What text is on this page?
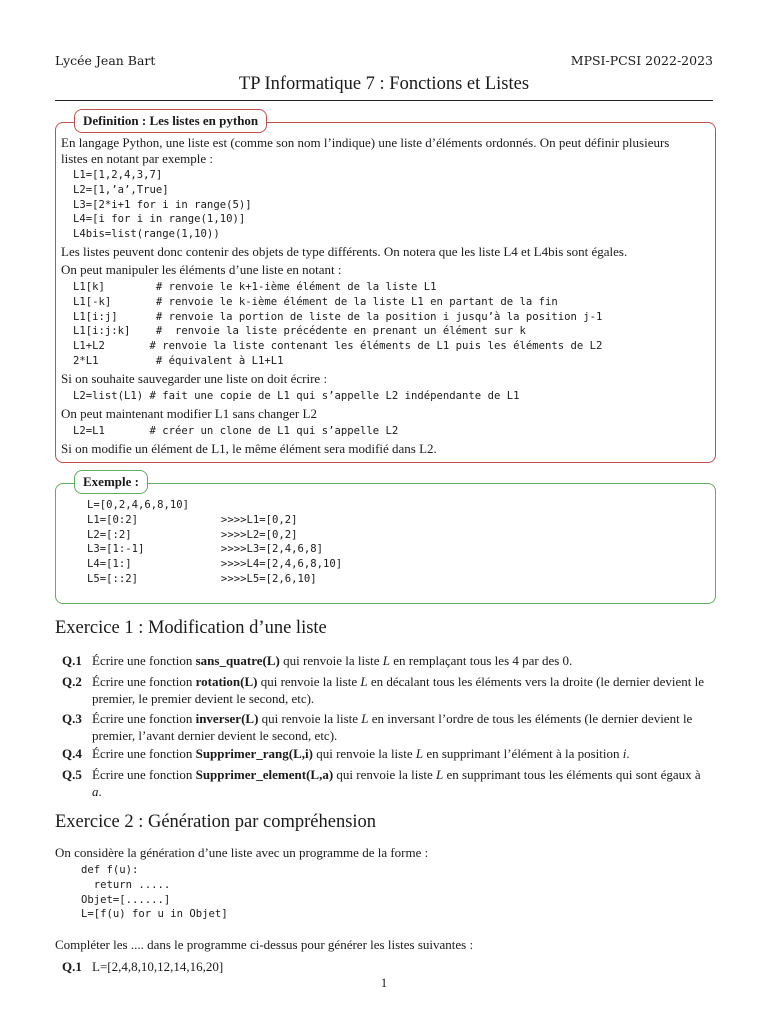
Lycée Jean Bart	MPSI-PCSI 2022-2023
TP Informatique 7 : Fonctions et Listes
Definition : Les listes en python
En langage Python, une liste est (comme son nom l’indique) une liste d’éléments ordonnés. On peut définir plusieurs
listes en notant par exemple :
L1=[1,2,4,3,7]
L2=[1,’a’,True]
L3=[2*i+1 for i in range(5)]
L4=[i for i in range(1,10)]
L4bis=list(range(1,10))
Les listes peuvent donc contenir des objets de type différents. On notera que les liste L4 et L4bis sont égales.
On peut manipuler les éléments d’une liste en notant :
L1[k]        # renvoie le k+1-ième élément de la liste L1
L1[-k]       # renvoie le k-ième élément de la liste L1 en partant de la fin
L1[i:j]      # renvoie la portion de liste de la position i jusqu’à la position j-1
L1[i:j:k]    #  renvoie la liste précédente en prenant un élément sur k
L1+L2       # renvoie la liste contenant les éléments de L1 puis les éléments de L2
2*L1         # équivalent à L1+L1
Si on souhaite sauvegarder une liste on doit écrire :
L2=list(L1) # fait une copie de L1 qui s’appelle L2 indépendante de L1
On peut maintenant modifier L1 sans changer L2
L2=L1       # créer un clone de L1 qui s’appelle L2
Si on modifie un élément de L1, le même élément sera modifié dans L2.
Exemple :
L=[0,2,4,6,8,10]
L1=[0:2]             >>>>L1=[0,2]
L2=[:2]              >>>>L2=[0,2]
L3=[1:-1]            >>>>L3=[2,4,6,8]
L4=[1:]              >>>>L4=[2,4,6,8,10]
L5=[::2]             >>>>L5=[2,6,10]
Exercice 1 : Modification d’une liste
Q.1 Écrire une fonction sans_quatre(L) qui renvoie la liste L en remplaçant tous les 4 par des 0.
Q.2 Écrire une fonction rotation(L) qui renvoie la liste L en décalant tous les éléments vers la droite (le dernier devient le premier, le premier devient le second, etc).
Q.3 Écrire une fonction inverser(L) qui renvoie la liste L en inversant l’ordre de tous les éléments (le dernier devient le premier, l’avant dernier devient le second, etc).
Q.4 Écrire une fonction Supprimer_rang(L,i) qui renvoie la liste L en supprimant l’élément à la position i.
Q.5 Écrire une fonction Supprimer_element(L,a) qui renvoie la liste L en supprimant tous les éléments qui sont égaux à a.
Exercice 2 : Génération par compréhension
On considère la génération d’une liste avec un programme de la forme :
def f(u):
return .....
Objet=[......]
L=[f(u) for u in Objet]
Compléter les .... dans le programme ci-dessus pour générer les listes suivantes :
Q.1 L=[2,4,8,10,12,14,16,20]
1
